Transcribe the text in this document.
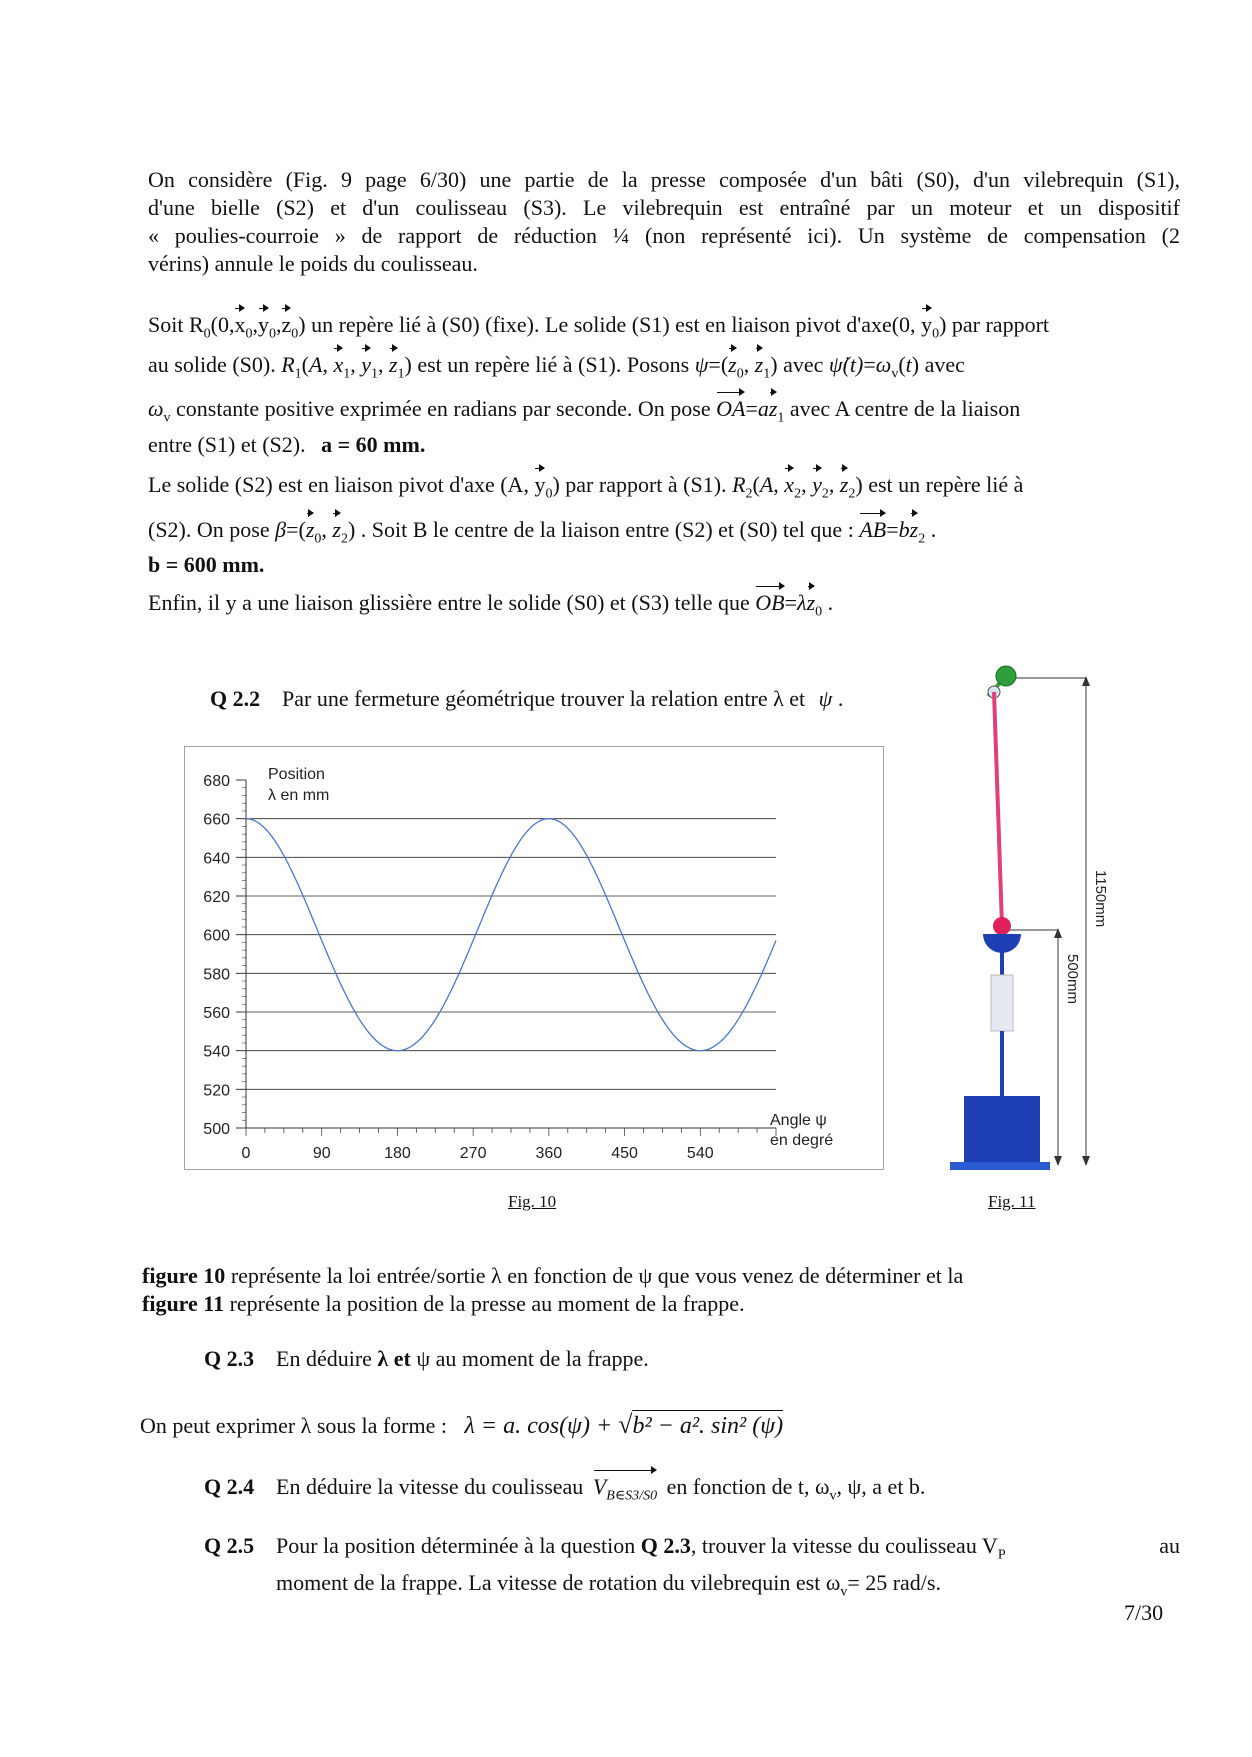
On considère (Fig. 9 page 6/30) une partie de la presse composée d'un bâti (S0), d'un vilebrequin (S1),
d'une bielle (S2) et d'un coulisseau (S3). Le vilebrequin est entraîné par un moteur et un dispositif
« poulies-courroie » de rapport de réduction ¼ (non représenté ici). Un système de compensation (2
vérins) annule le poids du coulisseau.
Soit $R_0(0,x_0,y_0,z_0)$ un repère lié à (S0) (fixe). Le solide (S1) est en liaison pivot d'axe(0, $y_0$) par rapport
au solide (S0). $R_1(A$, $x_1$, $y_1$, $z_1$) est un repère lié à (S1). Posons $\psi=(z_0$, $z_1$) avec $\psi̇(t)=\omega_v(t)$ avec
$\omega_v$ constante positive exprimée en radians par seconde. On pose $OA=az_1$ avec A centre de la liaison
entre (S1) et (S2). a = 60 mm.
Le solide (S2) est en liaison pivot d'axe (A, $y_0$) par rapport à (S1). $R_2(A$, $x_2$, $y_2$, $z_2$) est un repère lié à
(S2). On pose $\beta=(z_0$, $z_2$) . Soit B le centre de la liaison entre (S2) et (S0) tel que : $AB=bz_2$ .
b = 600 mm.
Enfin, il y a une liaison glissière entre le solide (S0) et (S3) telle que $OB=\lambda z_0$ .
Q 2.2 Par une fermeture géométrique trouver la relation entre λ et ψ .
500
520
540
560
580
600
620
640
660
680
0	90	180	270	360	450	540
Position
λ en mm
Angle ψ
en degré
Fig. 10
1150mm
500mm
Fig. 11
figure 10 représente la loi entrée/sortie λ en fonction de ψ que vous venez de déterminer et la
figure 11 représente la position de la presse au moment de la frappe.
Q 2.3 En déduire λ et ψ au moment de la frappe.
On peut exprimer λ sous la forme : λ = a. cos(ψ) + √b² − a². sin² (ψ)
Q 2.4 En déduire la vitesse du coulisseau $V_{B\in S3/S0}$ en fonction de t, $\omega_v$, ψ, a et b.
Q 2.5 Pour la position déterminée à la question Q 2.3, trouver la vitesse du coulisseau $V_P$	au
moment de la frappe. La vitesse de rotation du vilebrequin est $\omega_v= 25$ rad/s.
7/30
